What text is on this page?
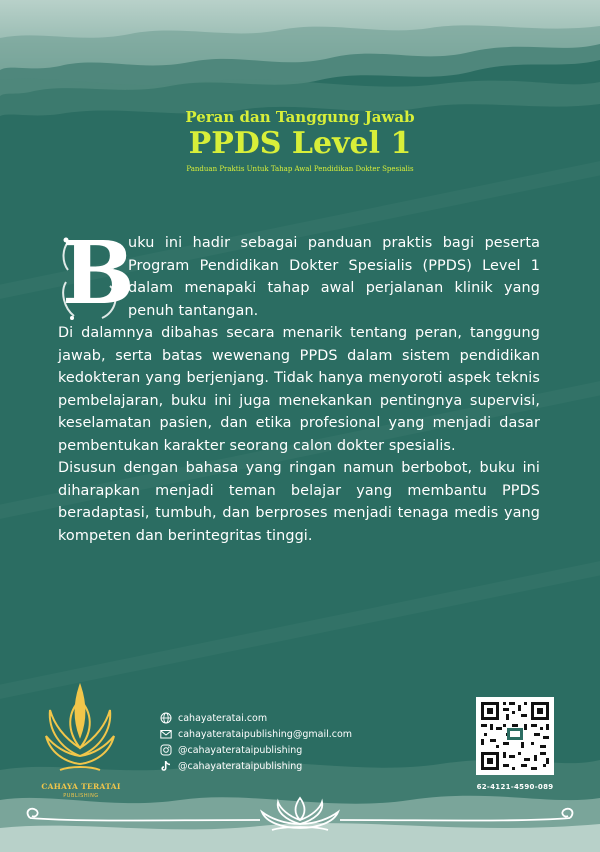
Peran dan Tanggung Jawab
PPDS Level 1
Panduan Praktis Untuk Tahap Awal Pendidikan Dokter Spesialis

B
uku ini hadir sebagai panduan praktis bagi peserta Program Pendidikan Dokter Spesialis (PPDS) Level 1 dalam menapaki tahap awal perjalanan klinik yang penuh tantangan.

Di dalamnya dibahas secara menarik tentang peran, tanggung jawab, serta batas wewenang PPDS dalam sistem pendidikan kedokteran yang berjenjang. Tidak hanya menyoroti aspek teknis pembelajaran, buku ini juga menekankan pentingnya supervisi, keselamatan pasien, dan etika profesional yang menjadi dasar pembentukan karakter seorang calon dokter spesialis.

Disusun dengan bahasa yang ringan namun berbobot, buku ini diharapkan menjadi teman belajar yang membantu PPDS beradaptasi, tumbuh, dan berproses menjadi tenaga medis yang kompeten dan berintegritas tinggi.

CAHAYA TERATAI
PUBLISHING
cahayateratai.com
cahayaterataipublishing@gmail.com
@cahayaterataipublishing
@cahayaterataipublishing
62-4121-4590-089
